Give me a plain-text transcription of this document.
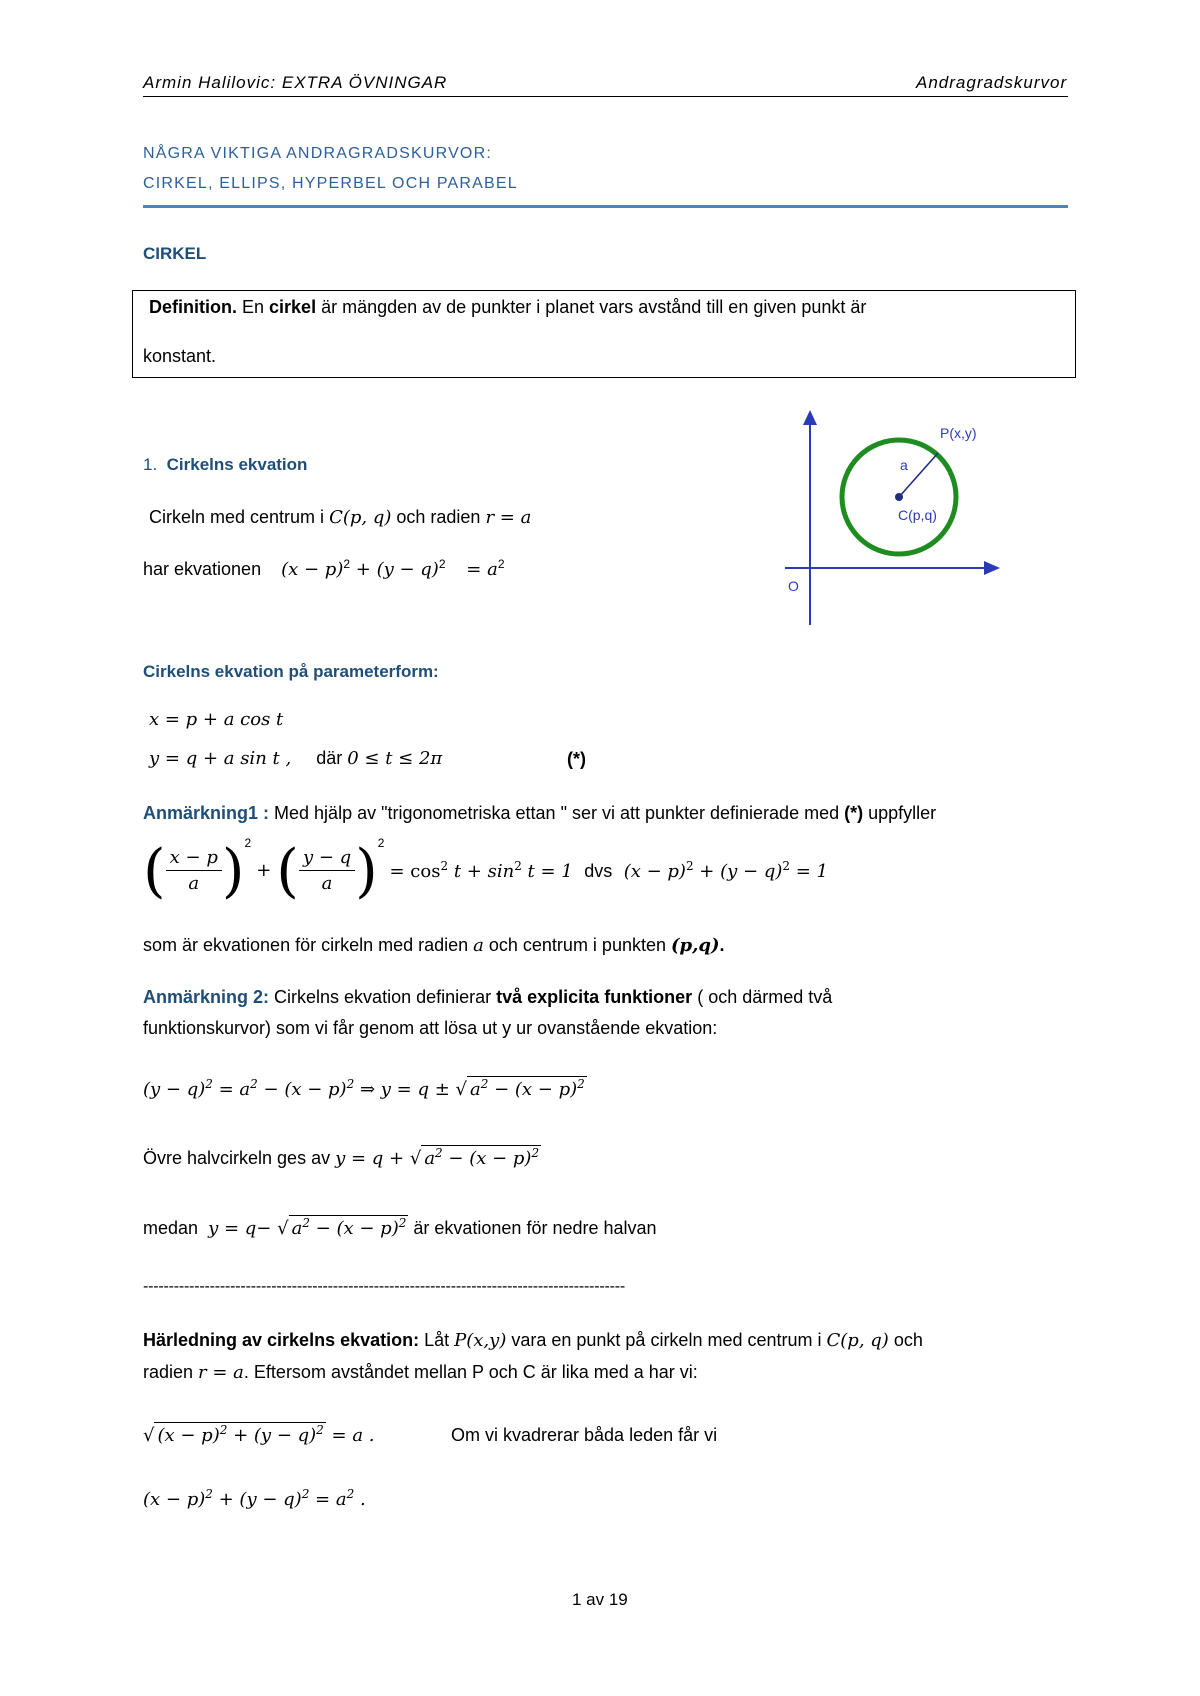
Armin Halilovic: EXTRA ÖVNINGAR	Andragradskurvor
NÅGRA VIKTIGA ANDRAGRADSKURVOR:
CIRKEL, ELLIPS, HYPERBEL OCH PARABEL
CIRKEL
Definition. En cirkel är mängden av de punkter i planet vars avstånd till en given punkt är
konstant.
P(x,y)
a
C(p,q)
O
1. Cirkelns ekvation
Cirkeln med centrum i C(p, q) och radien r = a
har ekvationen $(x - p)^2 + (y - q)^2$    = $a^2$
Cirkelns ekvation på parameterform:
x = p + a cos t
y = q + a sin t , där 0 ≤ t ≤ 2π	(*)
Anmärkning1 : Med hjälp av "trigonometriska ettan " ser vi att punkter definierade med (*) uppfyller
( $\frac{x - p}{a} )^2$ + ( $\frac{y - q}{a} )^2 = \cos^2 t + \sin^2 t = 1$ dvs $(x - p)^2 + (y - q)^2 = 1$
som är ekvationen för cirkeln med radien a och centrum i punkten (p,q).
Anmärkning 2: Cirkelns ekvation definierar två explicita funktioner ( och därmed två
funktionskurvor) som vi får genom att lösa ut y ur ovanstående ekvation:
$(y - q)^2 = a^2 - (x - p)^2$ ⇒ y = q ± √ $a^2 - (x - p)^2$
Övre halvcirkeln ges av y = q + √ $a^2 - (x - p)^2$
medan  y = q− √ $a^2 - (x - p)^2$ är ekvationen för nedre halvan
----------------------------------------------------------------------------------------------
Härledning av cirkelns ekvation: Låt P(x,y) vara en punkt på cirkeln med centrum i C(p, q) och
radien r = a. Eftersom avståndet mellan P och C är lika med a har vi:
√ $(x - p)^2 + (y - q)^2 = a$ .	Om vi kvadrerar båda leden får vi
$(x - p)^2 + (y - q)^2 = a^2$ .
1 av 19
